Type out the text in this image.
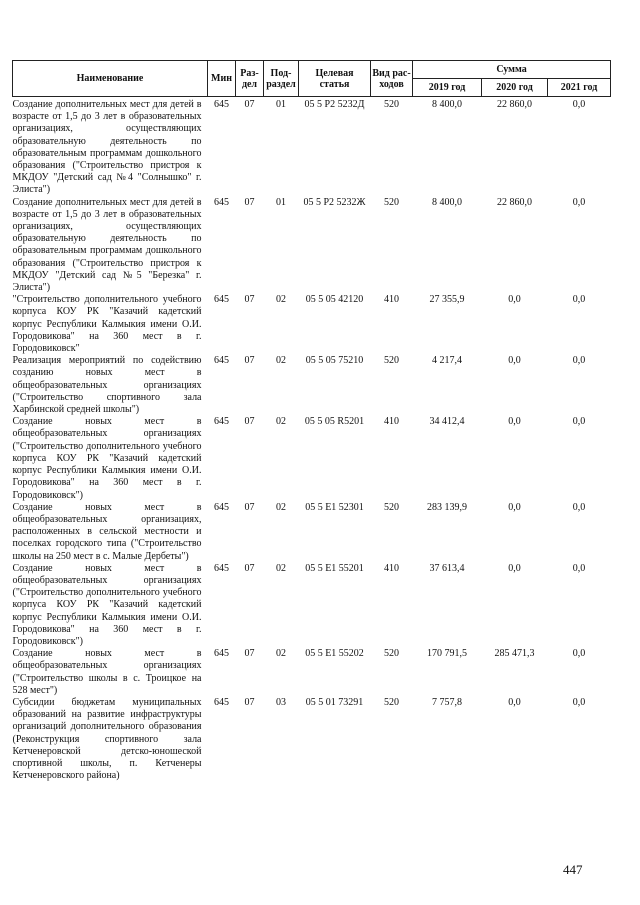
Наименование	Мин	Раз-дел	Под-раздел	Целевая статья	Вид рас-ходов	Сумма		
						2019 год	2020 год	2021 год
Создание дополнительных мест для детей в возрасте от 1,5 до 3 лет в образовательных организациях, осуществляющих образовательную деятельность по образовательным программам дошкольного образования ("Строительство пристроя к МКДОУ "Детский сад №4 "Солнышко" г. Элиста")	645	07	01	05 5 Р2 5232Д	520	8 400,0	22 860,0	0,0
Создание дополнительных мест для детей в возрасте от 1,5 до 3 лет в образовательных организациях, осуществляющих образовательную деятельность по образовательным программам дошкольного образования ("Строительство пристроя к МКДОУ "Детский сад №5 "Березка" г. Элиста")	645	07	01	05 5 Р2 5232Ж	520	8 400,0	22 860,0	0,0
"Строительство дополнительного учебного корпуса КОУ РК "Казачий кадетский корпус Республики Калмыкия имени О.И. Городовикова" на 360 мест в г. Городовиковск"	645	07	02	05 5 05 42120	410	27 355,9	0,0	0,0
Реализация мероприятий по содействию созданию новых мест в общеобразовательных организациях ("Строительство спортивного зала Харбинской средней школы")	645	07	02	05 5 05 75210	520	4 217,4	0,0	0,0
Создание новых мест в общеобразовательных организациях ("Строительство дополнительного учебного корпуса КОУ РК "Казачий кадетский корпус Республики Калмыкия имени О.И. Городовикова" на 360 мест в г. Городовиковск")	645	07	02	05 5 05 R5201	410	34 412,4	0,0	0,0
Создание новых мест в общеобразовательных организациях, расположенных в сельской местности и поселках городского типа ("Строительство школы на 250 мест в с. Малые Дербеты")	645	07	02	05 5 Е1 52301	520	283 139,9	0,0	0,0
Создание новых мест в общеобразовательных организациях ("Строительство дополнительного учебного корпуса КОУ РК "Казачий кадетский корпус Республики Калмыкия имени О.И. Городовикова" на 360 мест в г. Городовиковск")	645	07	02	05 5 Е1 55201	410	37 613,4	0,0	0,0
Создание новых мест в общеобразовательных организациях ("Строительство школы в с. Троицкое на 528 мест")	645	07	02	05 5 Е1 55202	520	170 791,5	285 471,3	0,0
Субсидии бюджетам муниципальных образований на развитие инфраструктуры организаций дополнительного образования (Реконструкция спортивного зала Кетченеровской детско-юношеской спортивной школы, п. Кетченеры Кетченеровского района)	645	07	03	05 5 01 73291	520	7 757,8	0,0	0,0
447
